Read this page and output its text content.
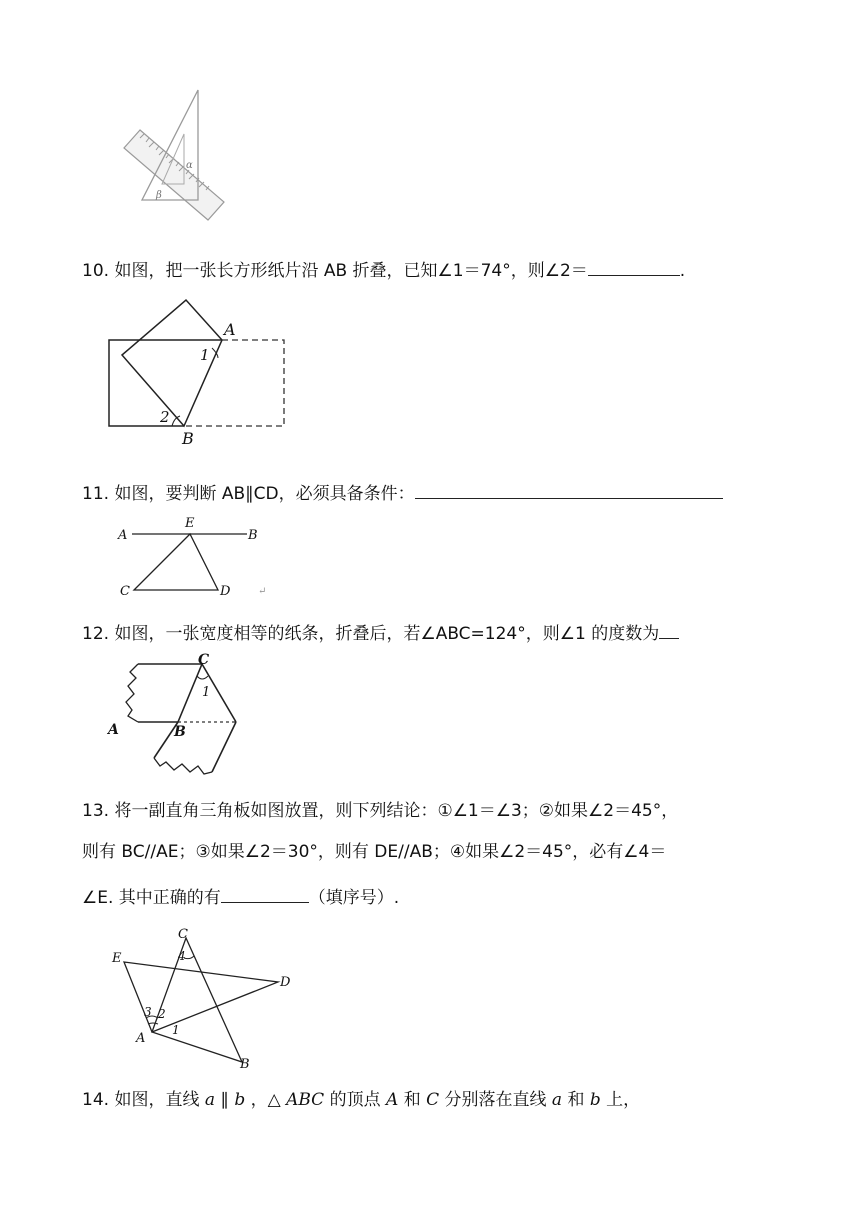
α
β
10. 如图，把一张长方形纸片沿 AB 折叠，已知∠1＝74°，则∠2＝	.
A
B
1
2
11. 如图，要判断 AB∥CD，必须具备条件：
A	B
E
C	D	↵
12. 如图，一张宽度相等的纸条，折叠后，若∠ABC=124°，则∠1 的度数为
C
1
A	B
13. 将一副直角三角板如图放置，则下列结论：①∠1＝∠3；②如果∠2＝45°，
则有 BC//AE；③如果∠2＝30°，则有 DE//AB；④如果∠2＝45°，必有∠4＝
∠E. 其中正确的有	（填序号）.
C
E
D
A
B
4
3 2
1
14. 如图，直线 a ∥ b ，△ ABC 的顶点 A 和 C 分别落在直线 a 和 b 上，
